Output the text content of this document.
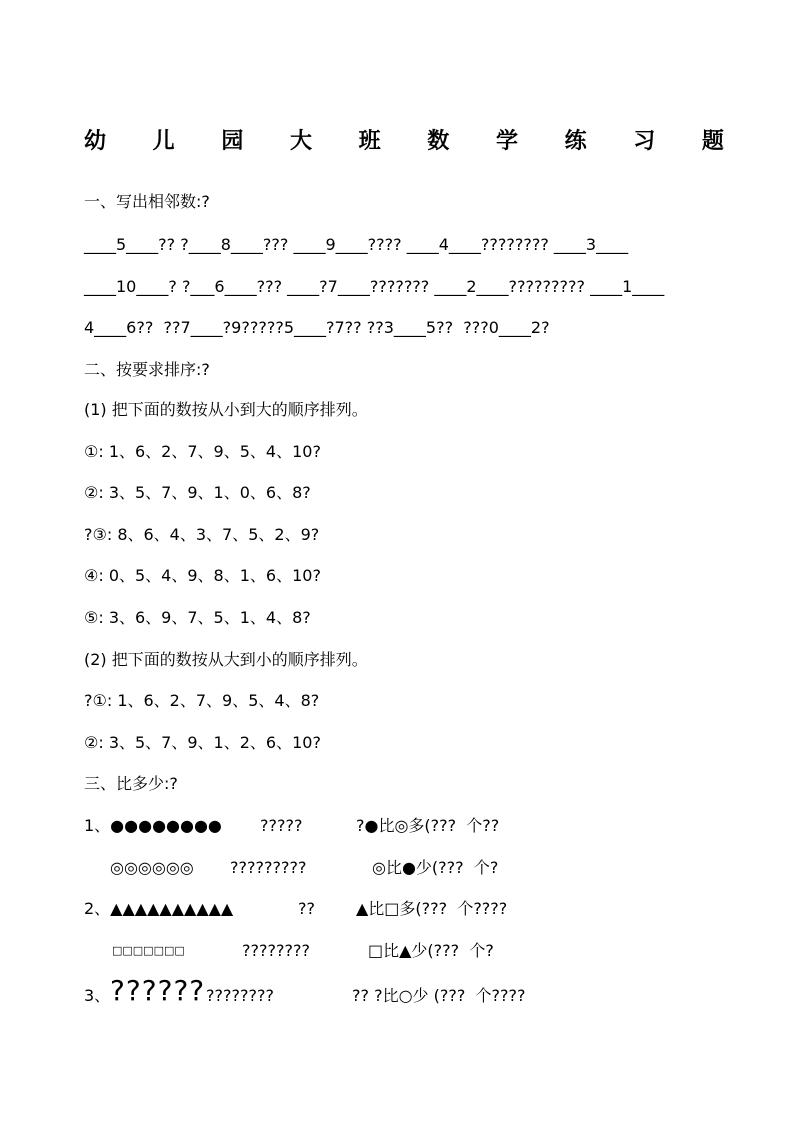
幼 儿 园 大 班 数 学 练 习 题
一、写出相邻数:?
____5____?? ?____8____??? ____9____???? ____4____???????? ____3____
____10____? ?___6____??? ____?7____??????? ____2____????????? ____1____
4____6??  ??7____?9?????5____?7?? ??3____5??  ???0____2?
二、按要求排序:?
(1) 把下面的数按从小到大的顺序排列。
①: 1、6、2、7、9、5、4、10?
②: 3、5、7、9、1、0、6、8?
?③: 8、6、4、3、7、5、2、9?
④: 0、5、4、9、8、1、6、10?
⑤: 3、6、9、7、5、1、4、8?
(2) 把下面的数按从大到小的顺序排列。
?①: 1、6、2、7、9、5、4、8?
②: 3、5、7、9、1、2、6、10?
三、比多少:?
1、●●●●●●●● ?????	?●比◎多(???  个??
◎◎◎◎◎◎ ?????????	◎比●少(???  个?
2、▲▲▲▲▲▲▲▲▲▲	??	▲比□多(???  个????
□□□□□□□	????????	□比▲少(???  个?
3、 ?????? ????????	?? ?比○少 (???  个????
